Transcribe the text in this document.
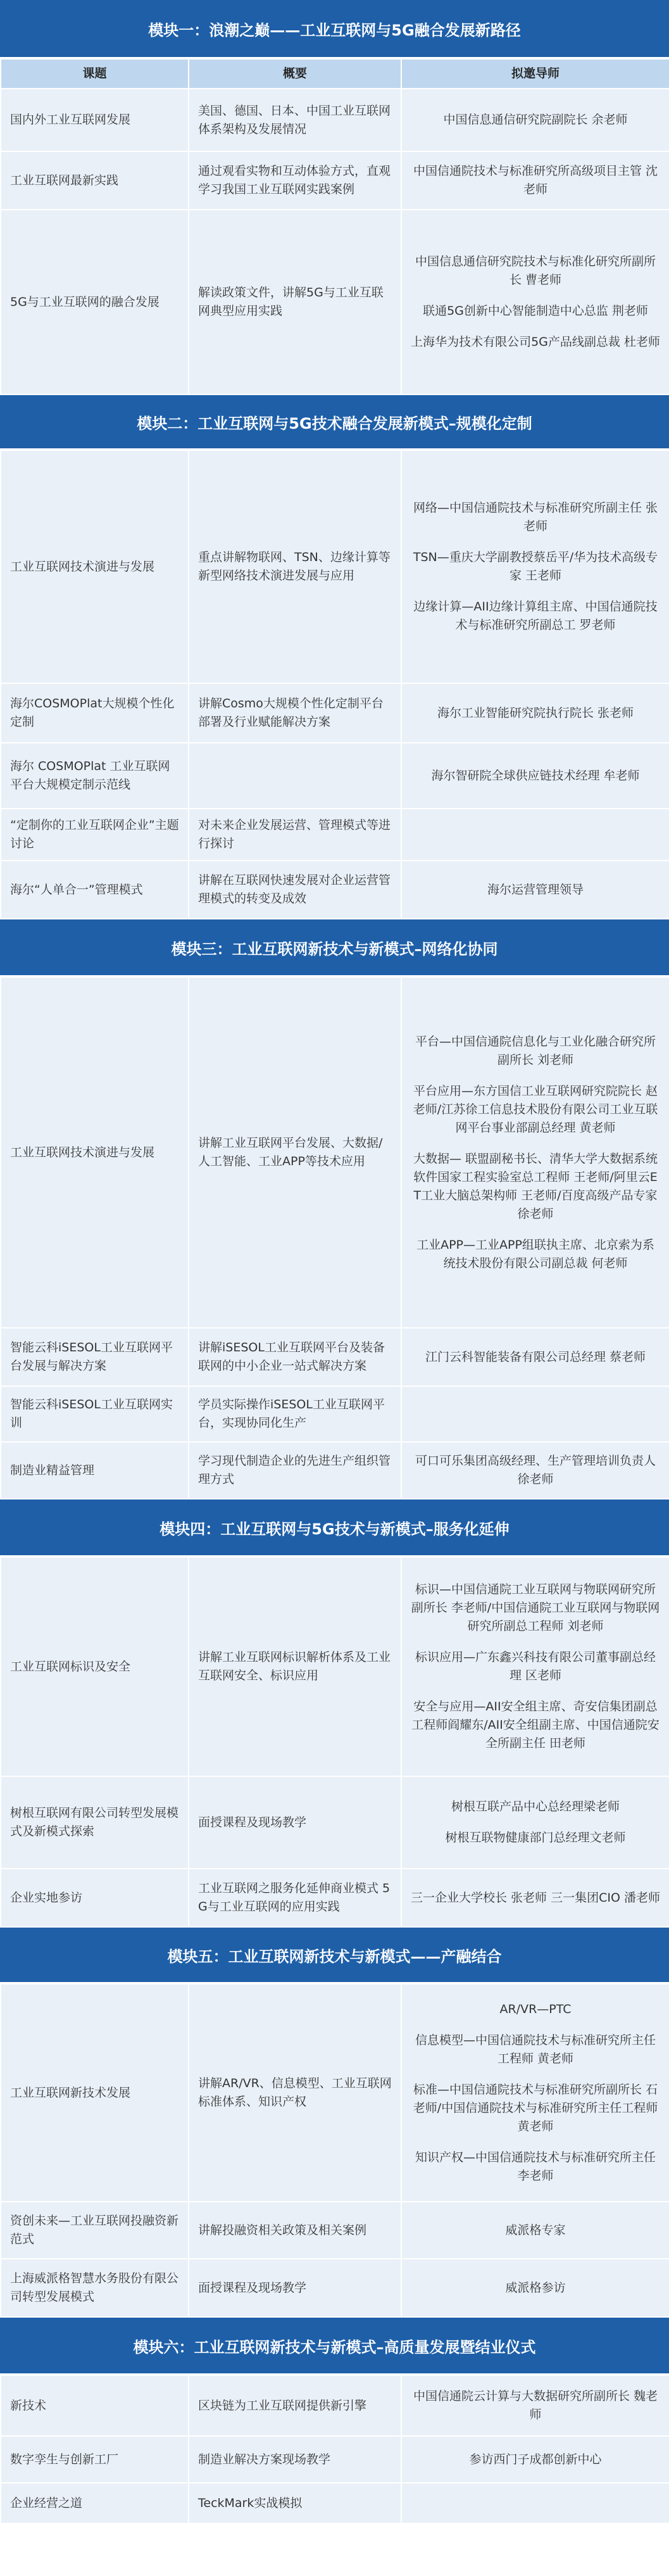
模块一：浪潮之巅——工业互联网与5G融合发展新路径
课题	概要	拟邀导师
国内外工业互联网发展	美国、德国、日本、中国工业互联网体系架构及发展情况	中国信息通信研究院副院长 余老师

工业互联网最新实践	通过观看实物和互动体验方式，直观学习我国工业互联网实践案例	中国信通院技术与标准研究所高级项目主管 沈老师

5G与工业互联网的融合发展	解读政策文件，讲解5G与工业互联网典型应用实践	中国信息通信研究院技术与标准化研究所副所长 曹老师
联通5G创新中心智能制造中心总监 荆老师
上海华为技术有限公司5G产品线副总裁 杜老师
模块二：工业互联网与5G技术融合发展新模式–规模化定制
工业互联网技术演进与发展	重点讲解物联网、TSN、边缘计算等新型网络技术演进发展与应用	网络—中国信通院技术与标准研究所副主任 张老师
TSN—重庆大学副教授蔡岳平/华为技术高级专家 王老师
边缘计算—AII边缘计算组主席、中国信通院技术与标准研究所副总工 罗老师

海尔COSMOPlat大规模个性化定制	讲解Cosmo大规模个性化定制平台部署及行业赋能解决方案	海尔工业智能研究院执行院长 张老师

海尔 COSMOPlat 工业互联网平台大规模定制示范线		海尔智研院全球供应链技术经理 牟老师

“定制你的工业互联网企业”主题讨论	对未来企业发展运营、管理模式等进行探讨	

海尔“人单合一”管理模式	讲解在互联网快速发展对企业运营管理模式的转变及成效	海尔运营管理领导
模块三：工业互联网新技术与新模式–网络化协同
工业互联网技术演进与发展	讲解工业互联网平台发展、大数据/人工智能、工业APP等技术应用	平台—中国信通院信息化与工业化融合研究所副所长 刘老师
平台应用—东方国信工业互联网研究院院长 赵老师/江苏徐工信息技术股份有限公司工业互联网平台事业部副总经理 黄老师
大数据— 联盟副秘书长、清华大学大数据系统软件国家工程实验室总工程师 王老师/阿里云ET工业大脑总架构师 王老师/百度高级产品专家 徐老师
工业APP—工业APP组联执主席、北京索为系统技术股份有限公司副总裁 何老师

智能云科iSESOL工业互联网平台发展与解决方案	讲解iSESOL工业互联网平台及装备联网的中小企业一站式解决方案	江门云科智能装备有限公司总经理 蔡老师

智能云科iSESOL工业互联网实训	学员实际操作iSESOL工业互联网平台，实现协同化生产	

制造业精益管理	学习现代制造企业的先进生产组织管理方式	可口可乐集团高级经理、生产管理培训负责人 徐老师
模块四：工业互联网与5G技术与新模式–服务化延伸
工业互联网标识及安全	讲解工业互联网标识解析体系及工业互联网安全、标识应用	标识—中国信通院工业互联网与物联网研究所副所长 李老师/中国信通院工业互联网与物联网研究所副总工程师 刘老师
标识应用—广东鑫兴科技有限公司董事副总经理 区老师
安全与应用—AII安全组主席、奇安信集团副总工程师阎耀东/AII安全组副主席、中国信通院安全所副主任 田老师

树根互联网有限公司转型发展模式及新模式探索	面授课程及现场教学	树根互联产品中心总经理梁老师
树根互联物健康部门总经理文老师

企业实地参访	工业互联网之服务化延伸商业模式 5G与工业互联网的应用实践	三一企业大学校长 张老师 三一集团CIO 潘老师
模块五：工业互联网新技术与新模式——产融结合
工业互联网新技术发展	讲解AR/VR、信息模型、工业互联网标准体系、知识产权	AR/VR—PTC
信息模型—中国信通院技术与标准研究所主任工程师 黄老师
标准—中国信通院技术与标准研究所副所长 石老师/中国信通院技术与标准研究所主任工程师 黄老师
知识产权—中国信通院技术与标准研究所主任 李老师

资创未来—工业互联网投融资新范式	讲解投融资相关政策及相关案例	威派格专家

上海威派格智慧水务股份有限公司转型发展模式	面授课程及现场教学	威派格参访
模块六：工业互联网新技术与新模式–高质量发展暨结业仪式
新技术	区块链为工业互联网提供新引擎	中国信通院云计算与大数据研究所副所长 魏老师

数字孪生与创新工厂	制造业解决方案现场教学	参访西门子成都创新中心

企业经营之道	TeckMark实战模拟	
